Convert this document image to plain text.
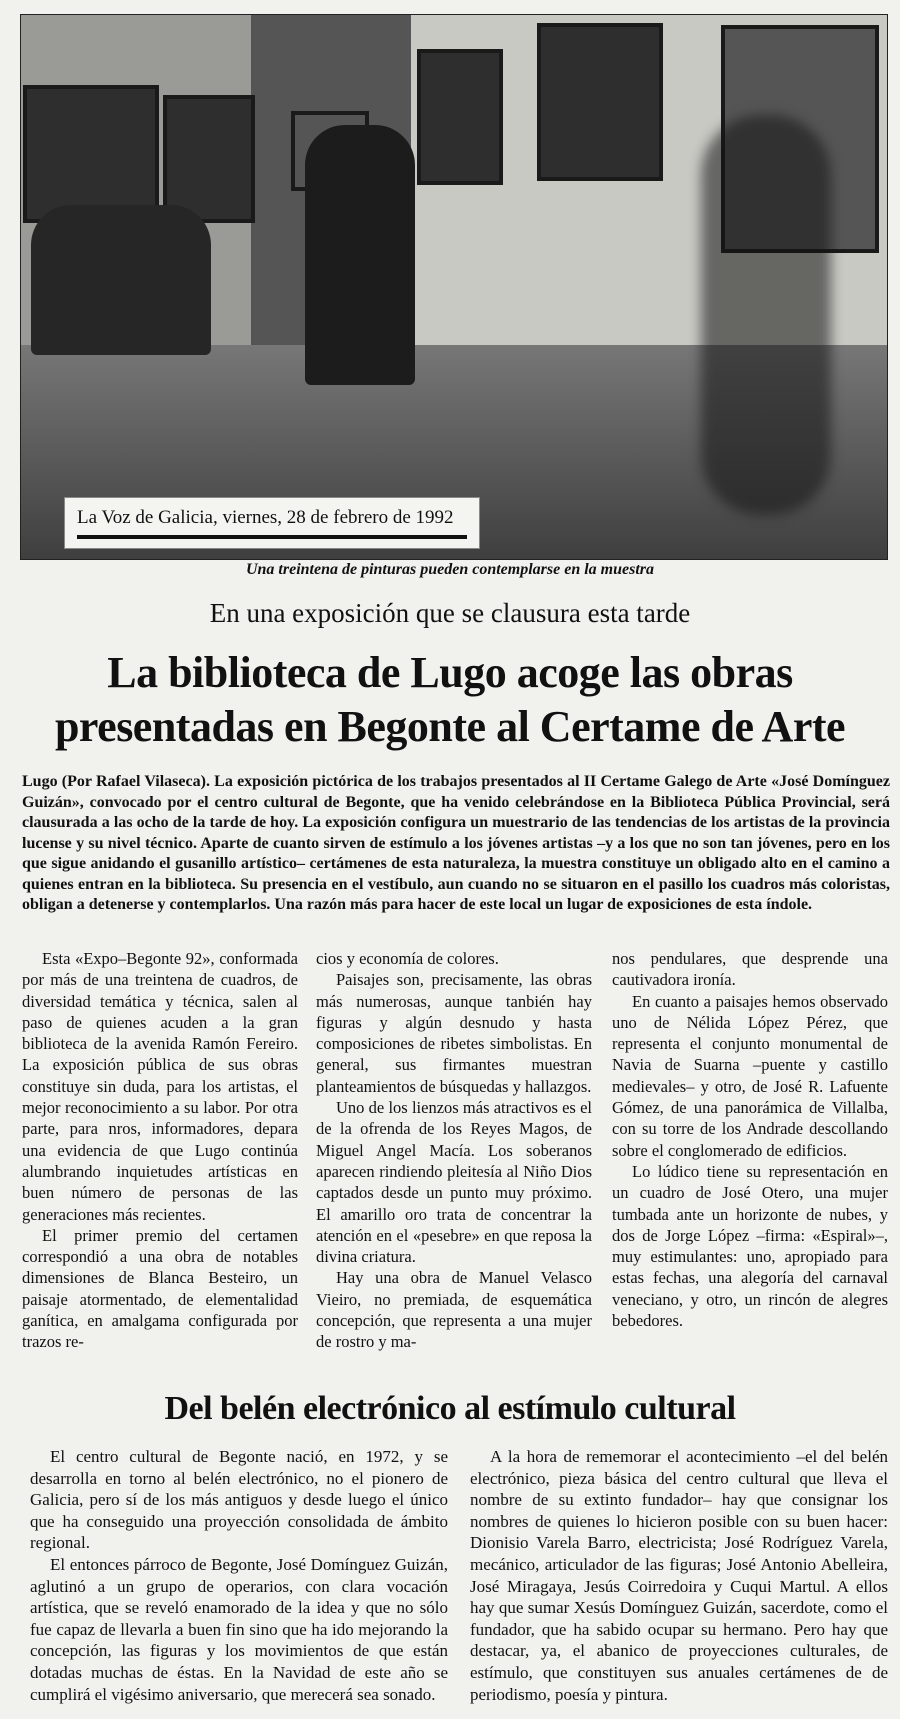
La Voz de Galicia, viernes, 28 de febrero de 1992
Una treintena de pinturas pueden contemplarse en la muestra
En una exposición que se clausura esta tarde
La biblioteca de Lugo acoge las obras
presentadas en Begonte al Certame de Arte
Lugo (Por Rafael Vilaseca). La exposición pictórica de los trabajos presentados al II Certame Galego de Arte «José Domínguez Guizán», convocado por el centro cultural de Begonte, que ha venido celebrándose en la Biblioteca Pública Provincial, será clausurada a las ocho de la tarde de hoy. La exposición configura un muestrario de las tendencias de los artistas de la provincia lucense y su nivel técnico. Aparte de cuanto sirven de estímulo a los jóvenes artistas –y a los que no son tan jóvenes, pero en los que sigue anidando el gusanillo artístico– certámenes de esta naturaleza, la muestra constituye un obligado alto en el camino a quienes entran en la biblioteca. Su presencia en el vestíbulo, aun cuando no se situaron en el pasillo los cuadros más coloristas, obligan a detenerse y contemplarlos. Una razón más para hacer de este local un lugar de exposiciones de esta índole.

Esta «Expo–Begonte 92», conformada por más de una treintena de cuadros, de diversidad temática y técnica, salen al paso de quienes acuden a la gran biblioteca de la avenida Ramón Fereiro. La exposición pública de sus obras constituye sin duda, para los artistas, el mejor reconocimiento a su labor. Por otra parte, para nros, informadores, depara una evidencia de que Lugo continúa alumbrando inquietudes artísticas en buen número de personas de las generaciones más recientes.

El primer premio del certamen correspondió a una obra de notables dimensiones de Blanca Besteiro, un paisaje atormentado, de elementalidad ganítica, en amalgama configurada por trazos re-

cios y economía de colores.

Paisajes son, precisamente, las obras más numerosas, aunque tanbién hay figuras y algún desnudo y hasta composiciones de ribetes simbolistas. En general, sus firmantes muestran planteamientos de búsquedas y hallazgos.

Uno de los lienzos más atractivos es el de la ofrenda de los Reyes Magos, de Miguel Angel Macía. Los soberanos aparecen rindiendo pleitesía al Niño Dios captados desde un punto muy próximo. El amarillo oro trata de concentrar la atención en el «pesebre» en que reposa la divina criatura.

Hay una obra de Manuel Velasco Vieiro, no premiada, de esquemática concepción, que representa a una mujer de rostro y ma-

nos pendulares, que desprende una cautivadora ironía.

En cuanto a paisajes hemos observado uno de Nélida López Pérez, que representa el conjunto monumental de Navia de Suarna –puente y castillo medievales– y otro, de José R. Lafuente Gómez, de una panorámica de Villalba, con su torre de los Andrade descollando sobre el conglomerado de edificios.

Lo lúdico tiene su representación en un cuadro de José Otero, una mujer tumbada ante un horizonte de nubes, y dos de Jorge López –firma: «Espiral»–, muy estimulantes: uno, apropiado para estas fechas, una alegoría del carnaval veneciano, y otro, un rincón de alegres bebedores.

Del belén electrónico al estímulo cultural

El centro cultural de Begonte nació, en 1972, y se desarrolla en torno al belén electrónico, no el pionero de Galicia, pero sí de los más antiguos y desde luego el único que ha conseguido una proyección consolidada de ámbito regional.

El entonces párroco de Begonte, José Domínguez Guizán, aglutinó a un grupo de operarios, con clara vocación artística, que se reveló enamorado de la idea y que no sólo fue capaz de llevarla a buen fin sino que ha ido mejorando la concepción, las figuras y los movimientos de que están dotadas muchas de éstas. En la Navidad de este año se cumplirá el vigésimo aniversario, que merecerá sea sonado.

A la hora de rememorar el acontecimiento –el del belén electrónico, pieza básica del centro cultural que lleva el nombre de su extinto fundador– hay que consignar los nombres de quienes lo hicieron posible con su buen hacer: Dionisio Varela Barro, electricista; José Rodríguez Varela, mecánico, articulador de las figuras; José Antonio Abelleira, José Miragaya, Jesús Coirredoira y Cuqui Martul. A ellos hay que sumar Xesús Domínguez Guizán, sacerdote, como el fundador, que ha sabido ocupar su hermano. Pero hay que destacar, ya, el abanico de proyecciones culturales, de estímulo, que constituyen sus anuales certámenes de de periodismo, poesía y pintura.
